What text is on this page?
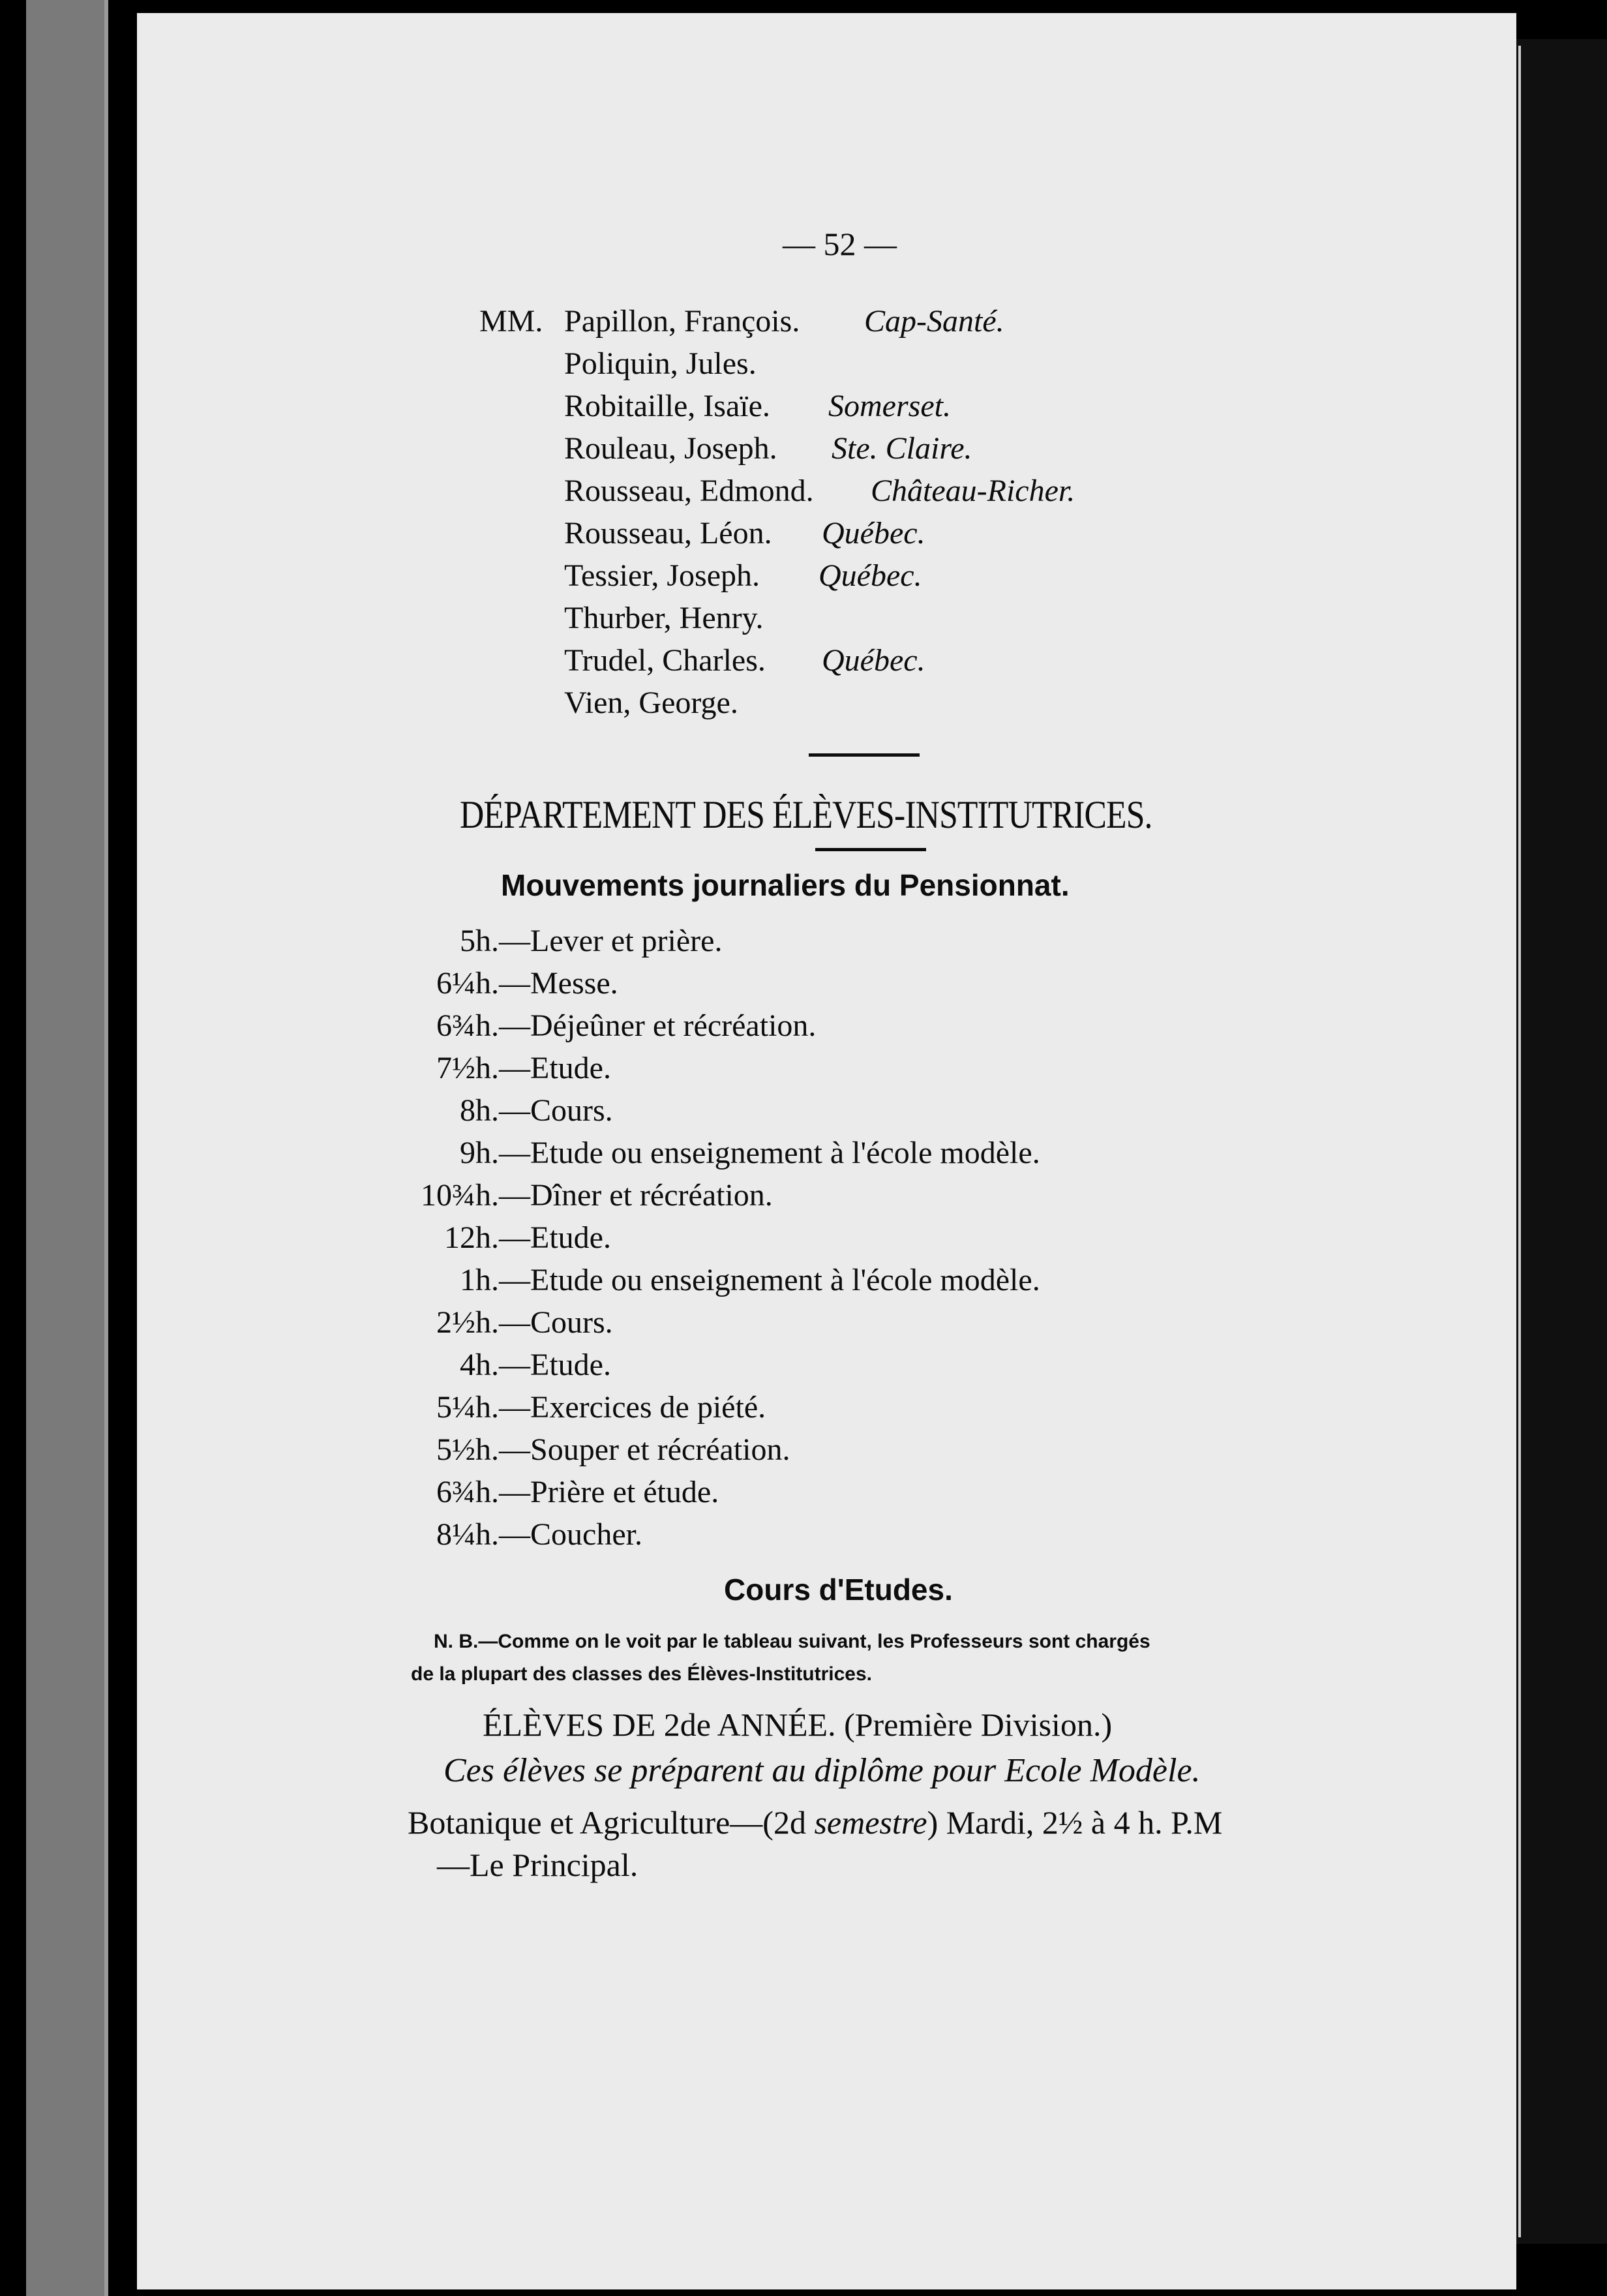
— 52 —
MM. Papillon, François. Cap-Santé.
Poliquin, Jules.
Robitaille, Isaïe. Somerset.
Rouleau, Joseph. Ste. Claire.
Rousseau, Edmond. Château-Richer.
Rousseau, Léon. Québec.
Tessier, Joseph. Québec.
Thurber, Henry.
Trudel, Charles. Québec.
Vien, George.
DÉPARTEMENT DES ÉLÈVES-INSTITUTRICES.
Mouvements journaliers du Pensionnat.
5h. —Lever et prière.
6¼h. —Messe.
6¾h. —Déjeûner et récréation.
7½h. —Etude.
8h. —Cours.
9h. —Etude ou enseignement à l'école modèle.
10¾h. —Dîner et récréation.
12h. —Etude.
1h. —Etude ou enseignement à l'école modèle.
2½h. —Cours.
4h. —Etude.
5¼h. —Exercices de piété.
5½h. —Souper et récréation.
6¾h. —Prière et étude.
8¼h. —Coucher.
Cours d'Etudes.
N. B.—Comme on le voit par le tableau suivant, les Professeurs sont chargés
de la plupart des classes des Élèves-Institutrices.
ÉLÈVES DE 2de ANNÉE. (Première Division.)
Ces élèves se préparent au diplôme pour Ecole Modèle.
Botanique et Agriculture—(2d semestre) Mardi, 2½ à 4 h. P.M
—Le Principal.
